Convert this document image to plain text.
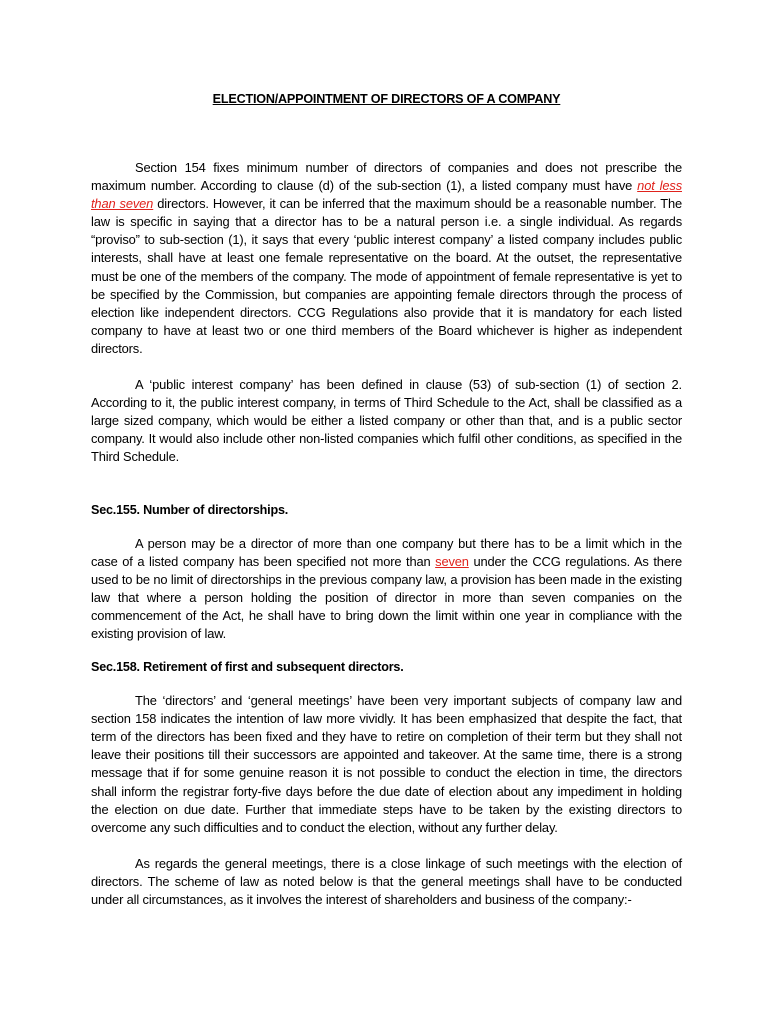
ELECTION/APPOINTMENT OF DIRECTORS OF A COMPANY

Section 154 fixes minimum number of directors of companies and does not prescribe the maximum number. According to clause (d) of the sub-section (1), a listed company must have not less than seven directors. However, it can be inferred that the maximum should be a reasonable number. The law is specific in saying that a director has to be a natural person i.e. a single individual. As regards “proviso” to sub-section (1), it says that every ‘public interest company’ a listed company includes public interests, shall have at least one female representative on the board. At the outset, the representative must be one of the members of the company. The mode of appointment of female representative is yet to be specified by the Commission, but companies are appointing female directors through the process of election like independent directors. CCG Regulations also provide that it is mandatory for each listed company to have at least two or one third members of the Board whichever is higher as independent directors.

A ‘public interest company’ has been defined in clause (53) of sub-section (1) of section 2. According to it, the public interest company, in terms of Third Schedule to the Act, shall be classified as a large sized company, which would be either a listed company or other than that, and is a public sector company. It would also include other non-listed companies which fulfil other conditions, as specified in the Third Schedule.

Sec.155. Number of directorships.

A person may be a director of more than one company but there has to be a limit which in the case of a listed company has been specified not more than seven under the CCG regulations. As there used to be no limit of directorships in the previous company law, a provision has been made in the existing law that where a person holding the position of director in more than seven companies on the commencement of the Act, he shall have to bring down the limit within one year in compliance with the existing provision of law.

Sec.158. Retirement of first and subsequent directors.

The ‘directors’ and ‘general meetings’ have been very important subjects of company law and section 158 indicates the intention of law more vividly. It has been emphasized that despite the fact, that term of the directors has been fixed and they have to retire on completion of their term but they shall not leave their positions till their successors are appointed and takeover. At the same time, there is a strong message that if for some genuine reason it is not possible to conduct the election in time, the directors shall inform the registrar forty-five days before the due date of election about any impediment in holding the election on due date. Further that immediate steps have to be taken by the existing directors to overcome any such difficulties and to conduct the election, without any further delay.

As regards the general meetings, there is a close linkage of such meetings with the election of directors. The scheme of law as noted below is that the general meetings shall have to be conducted under all circumstances, as it involves the interest of shareholders and business of the company:-
